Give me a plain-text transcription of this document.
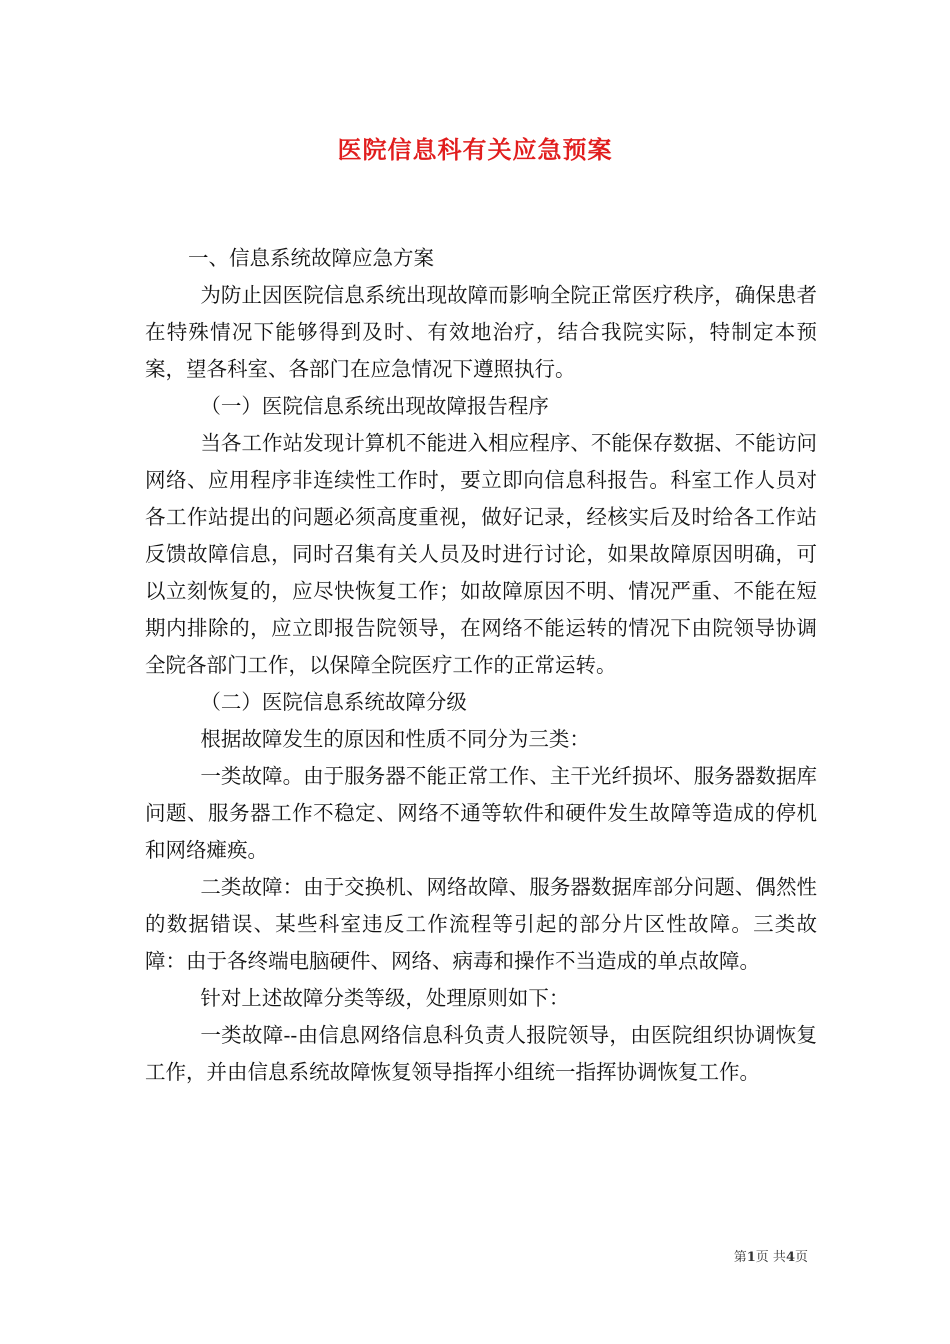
医院信息科有关应急预案

一、信息系统故障应急方案

为防止因医院信息系统出现故障而影响全院正常医疗秩序，确保患者在特殊情况下能够得到及时、有效地治疗，结合我院实际，特制定本预案，望各科室、各部门在应急情况下遵照执行。

（一）医院信息系统出现故障报告程序

当各工作站发现计算机不能进入相应程序、不能保存数据、不能访问网络、应用程序非连续性工作时，要立即向信息科报告。科室工作人员对各工作站提出的问题必须高度重视，做好记录，经核实后及时给各工作站反馈故障信息，同时召集有关人员及时进行讨论，如果故障原因明确，可以立刻恢复的，应尽快恢复工作；如故障原因不明、情况严重、不能在短期内排除的，应立即报告院领导，在网络不能运转的情况下由院领导协调全院各部门工作，以保障全院医疗工作的正常运转。

（二）医院信息系统故障分级

根据故障发生的原因和性质不同分为三类：

一类故障。由于服务器不能正常工作、主干光纤损坏、服务器数据库问题、服务器工作不稳定、网络不通等软件和硬件发生故障等造成的停机和网络瘫痪。

二类故障：由于交换机、网络故障、服务器数据库部分问题、偶然性的数据错误、某些科室违反工作流程等引起的部分片区性故障。三类故障：由于各终端电脑硬件、网络、病毒和操作不当造成的单点故障。

针对上述故障分类等级，处理原则如下：

一类故障--由信息网络信息科负责人报院领导，由医院组织协调恢复工作，并由信息系统故障恢复领导指挥小组统一指挥协调恢复工作。

第1页 共4页
